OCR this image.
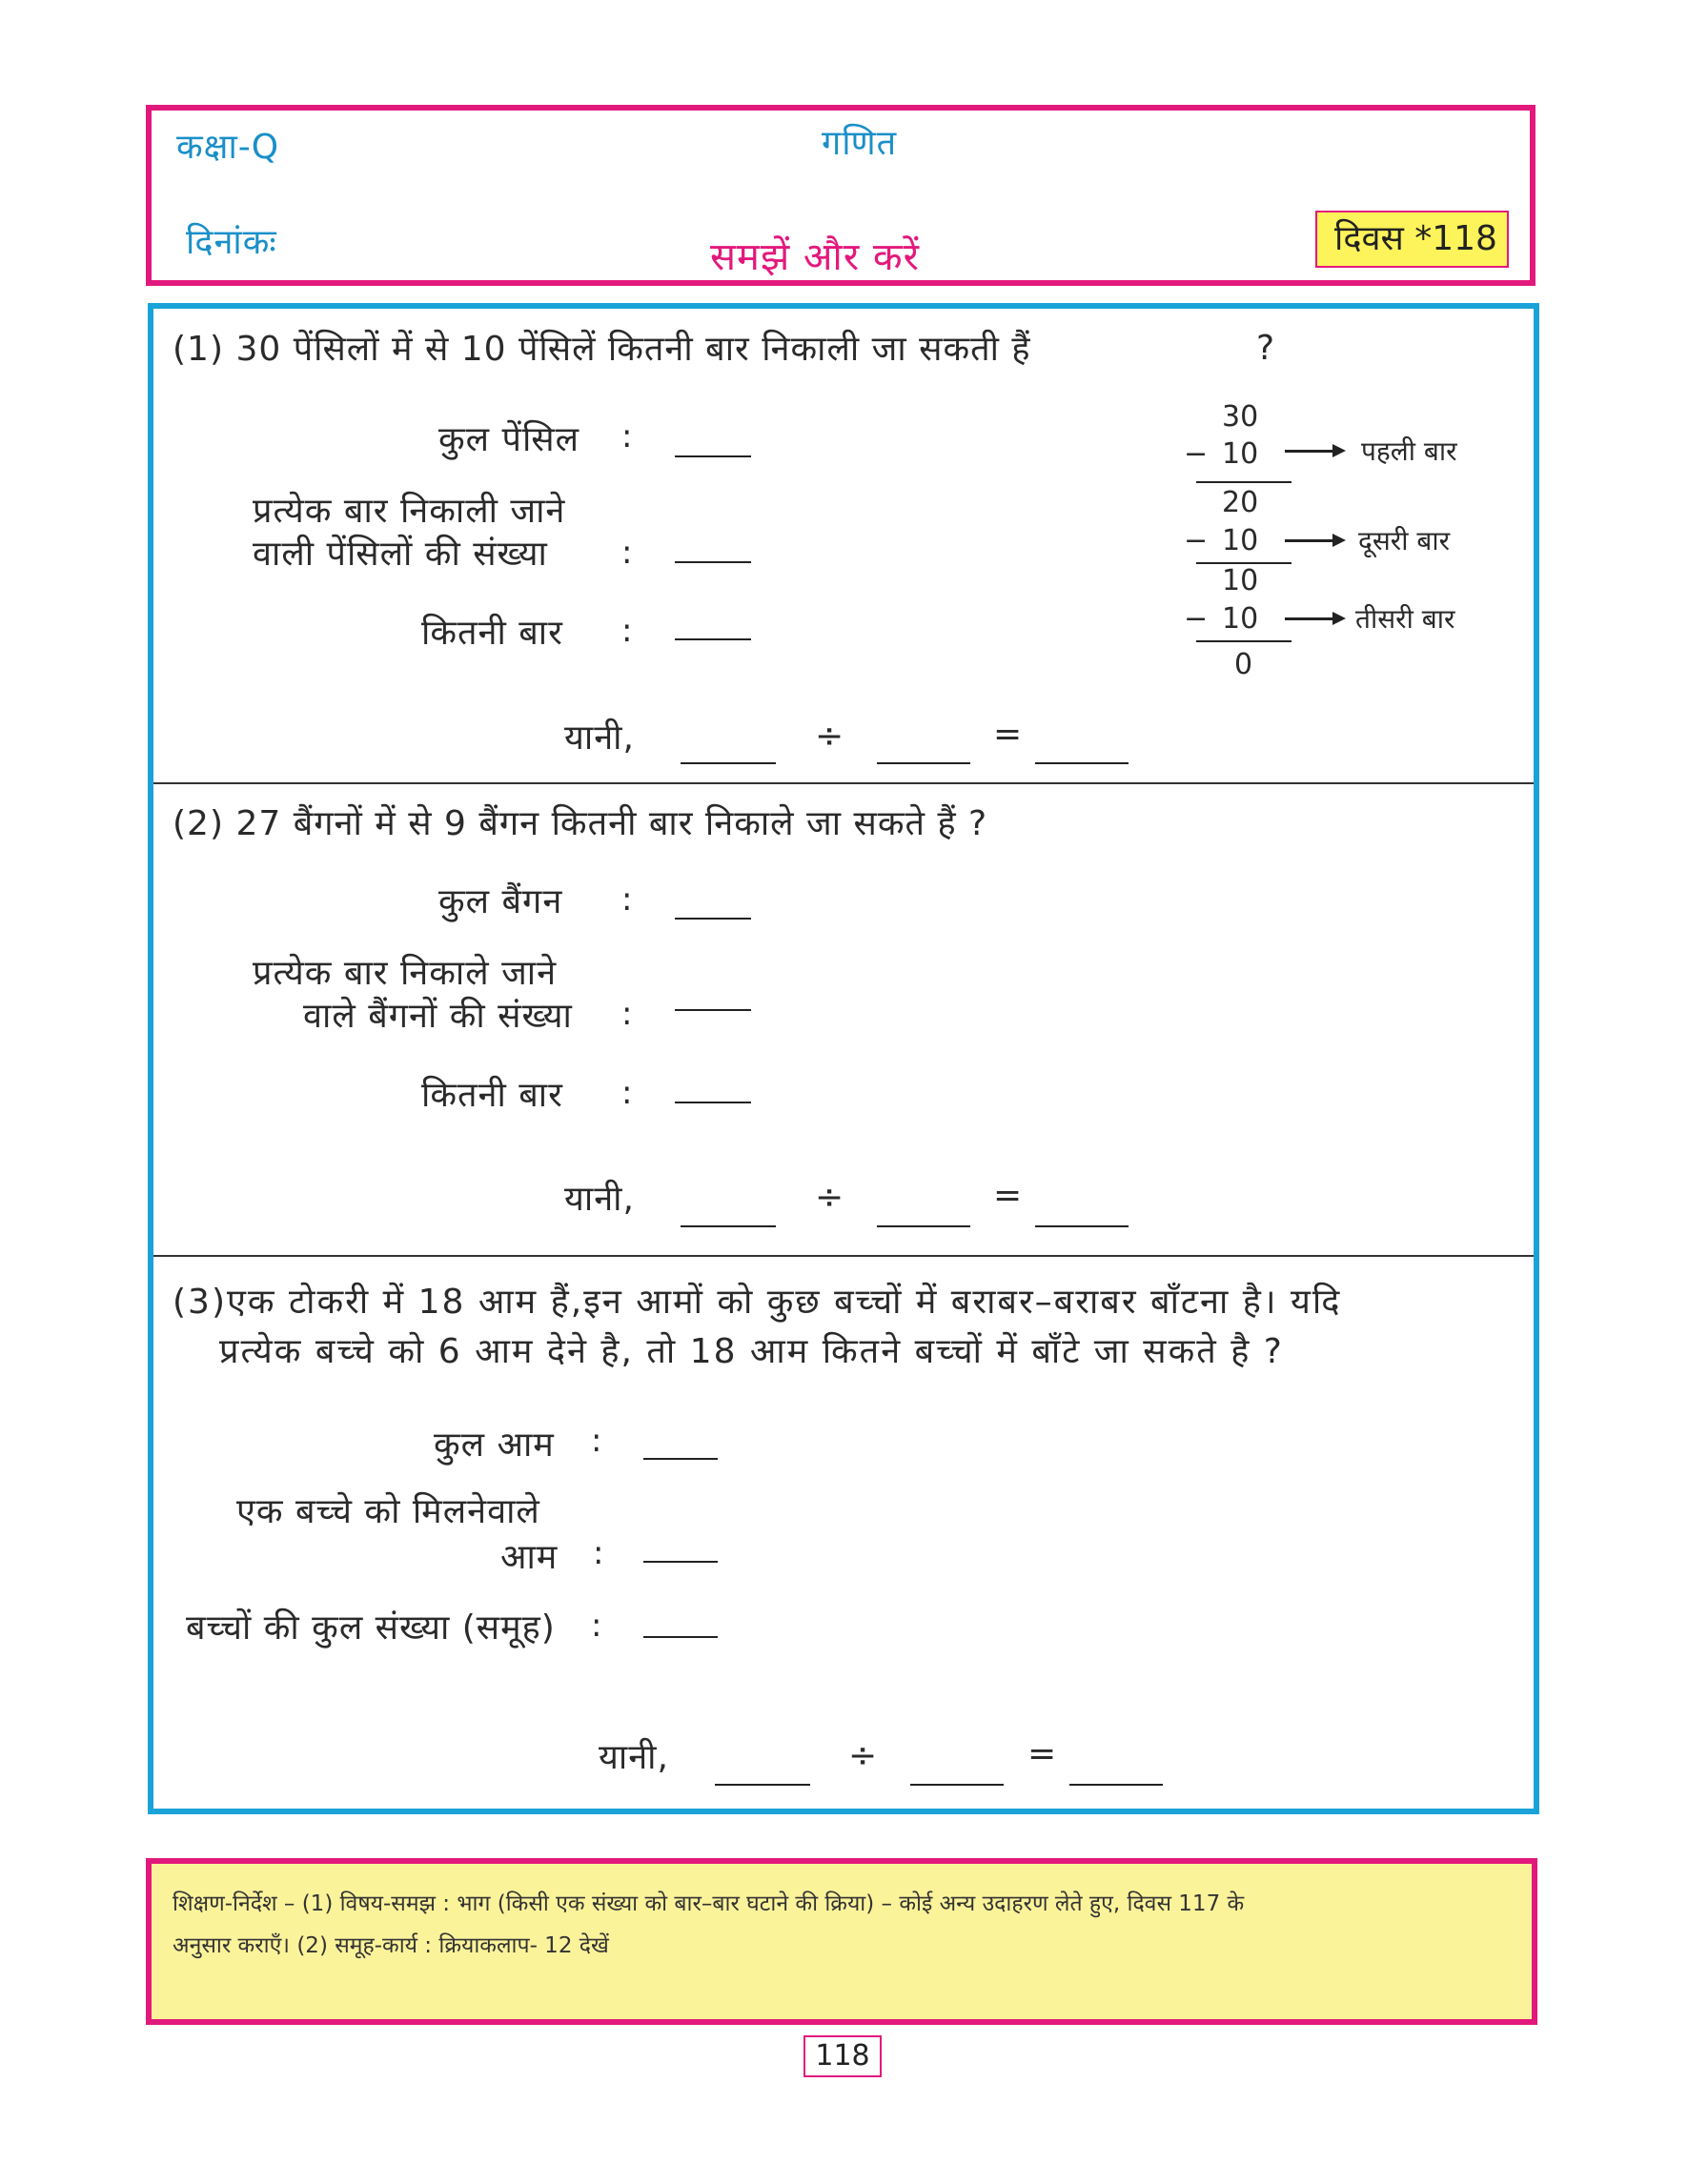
कक्षा-Q	गणित
दिनांकः	समझें और करें	दिवस *118
(1) 30 पेंसिलों में से 10 पेंसिलें कितनी बार निकाली जा सकती हैं	?
कुल पेंसिल :
प्रत्येक बार निकाली जाने
वाली पेंसिलों की संख्या :
कितनी बार :
यानी,	÷	=
30
− 10	पहली बार
20
− 10	दूसरी बार
10
− 10	तीसरी बार
0
(2) 27 बैंगनों में से 9 बैंगन कितनी बार निकाले जा सकते हैं ?
कुल बैंगन :
प्रत्येक बार निकाले जाने
वाले बैंगनों की संख्या :
कितनी बार :
यानी,	÷	=
(3)एक टोकरी में 18 आम हैं,इन आमों को कुछ बच्चों में बराबर–बराबर बाँटना है। यदि
प्रत्येक बच्चे को 6 आम देने है, तो 18 आम कितने बच्चों में बाँटे जा सकते है ?
कुल आम :
एक बच्चे को मिलनेवाले
आम :
बच्चों की कुल संख्या (समूह) :
यानी,	÷	=
शिक्षण-निर्देश – (1) विषय-समझ : भाग (किसी एक संख्या को बार–बार घटाने की क्रिया) – कोई अन्य उदाहरण लेते हुए, दिवस 117 के
अनुसार कराएँ। (2) समूह-कार्य : क्रियाकलाप- 12 देखें
118
